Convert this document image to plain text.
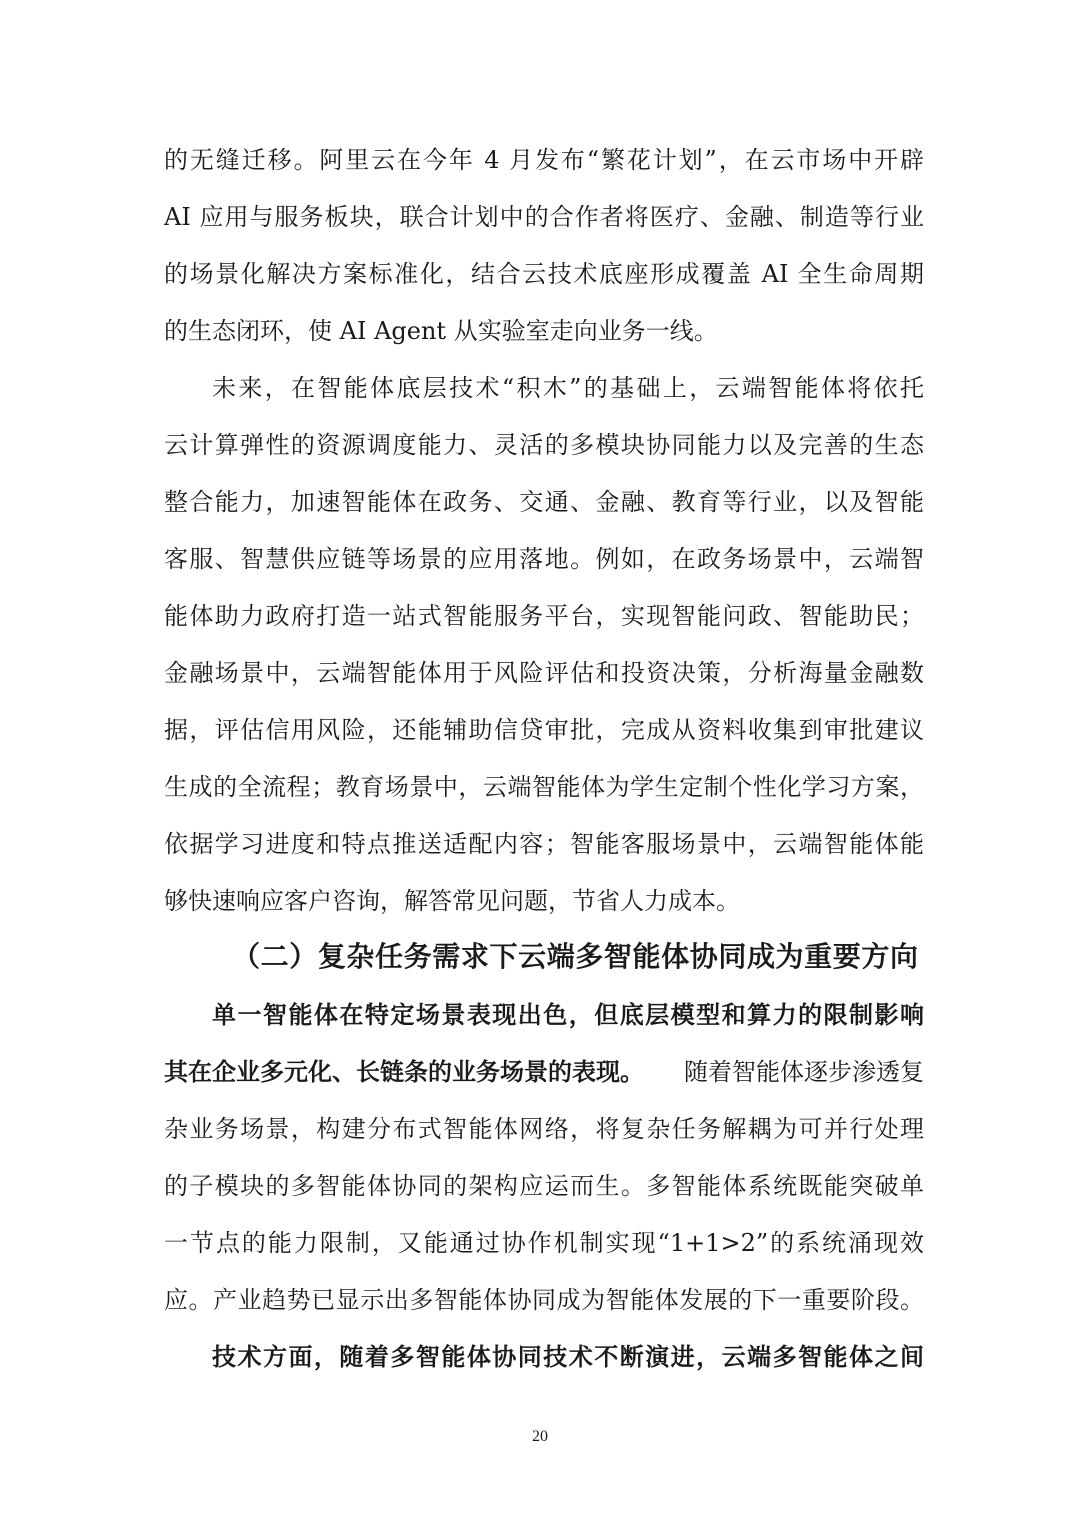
的无缝迁移。阿里云在今年 4 月发布“繁花计划”，在云市场中开辟
AI 应用与服务板块，联合计划中的合作者将医疗、金融、制造等行业
的场景化解决方案标准化，结合云技术底座形成覆盖 AI 全生命周期
的生态闭环，使 AI Agent 从实验室走向业务一线。
未来，在智能体底层技术“积木”的基础上，云端智能体将依托
云计算弹性的资源调度能力、灵活的多模块协同能力以及完善的生态
整合能力，加速智能体在政务、交通、金融、教育等行业，以及智能
客服、智慧供应链等场景的应用落地。例如，在政务场景中，云端智
能体助力政府打造一站式智能服务平台，实现智能问政、智能助民；
金融场景中，云端智能体用于风险评估和投资决策，分析海量金融数
据，评估信用风险，还能辅助信贷审批，完成从资料收集到审批建议
生成的全流程；教育场景中，云端智能体为学生定制个性化学习方案，
依据学习进度和特点推送适配内容；智能客服场景中，云端智能体能
够快速响应客户咨询，解答常见问题，节省人力成本。
（二）复杂任务需求下云端多智能体协同成为重要方向
单一智能体在特定场景表现出色，但底层模型和算力的限制影响
其在企业多元化、长链条的业务场景的表现。 随着智能体逐步渗透复
杂业务场景，构建分布式智能体网络，将复杂任务解耦为可并行处理
的子模块的多智能体协同的架构应运而生。多智能体系统既能突破单
一节点的能力限制，又能通过协作机制实现“1+1>2”的系统涌现效
应。产业趋势已显示出多智能体协同成为智能体发展的下一重要阶段。
技术方面，随着多智能体协同技术不断演进，云端多智能体之间
20
